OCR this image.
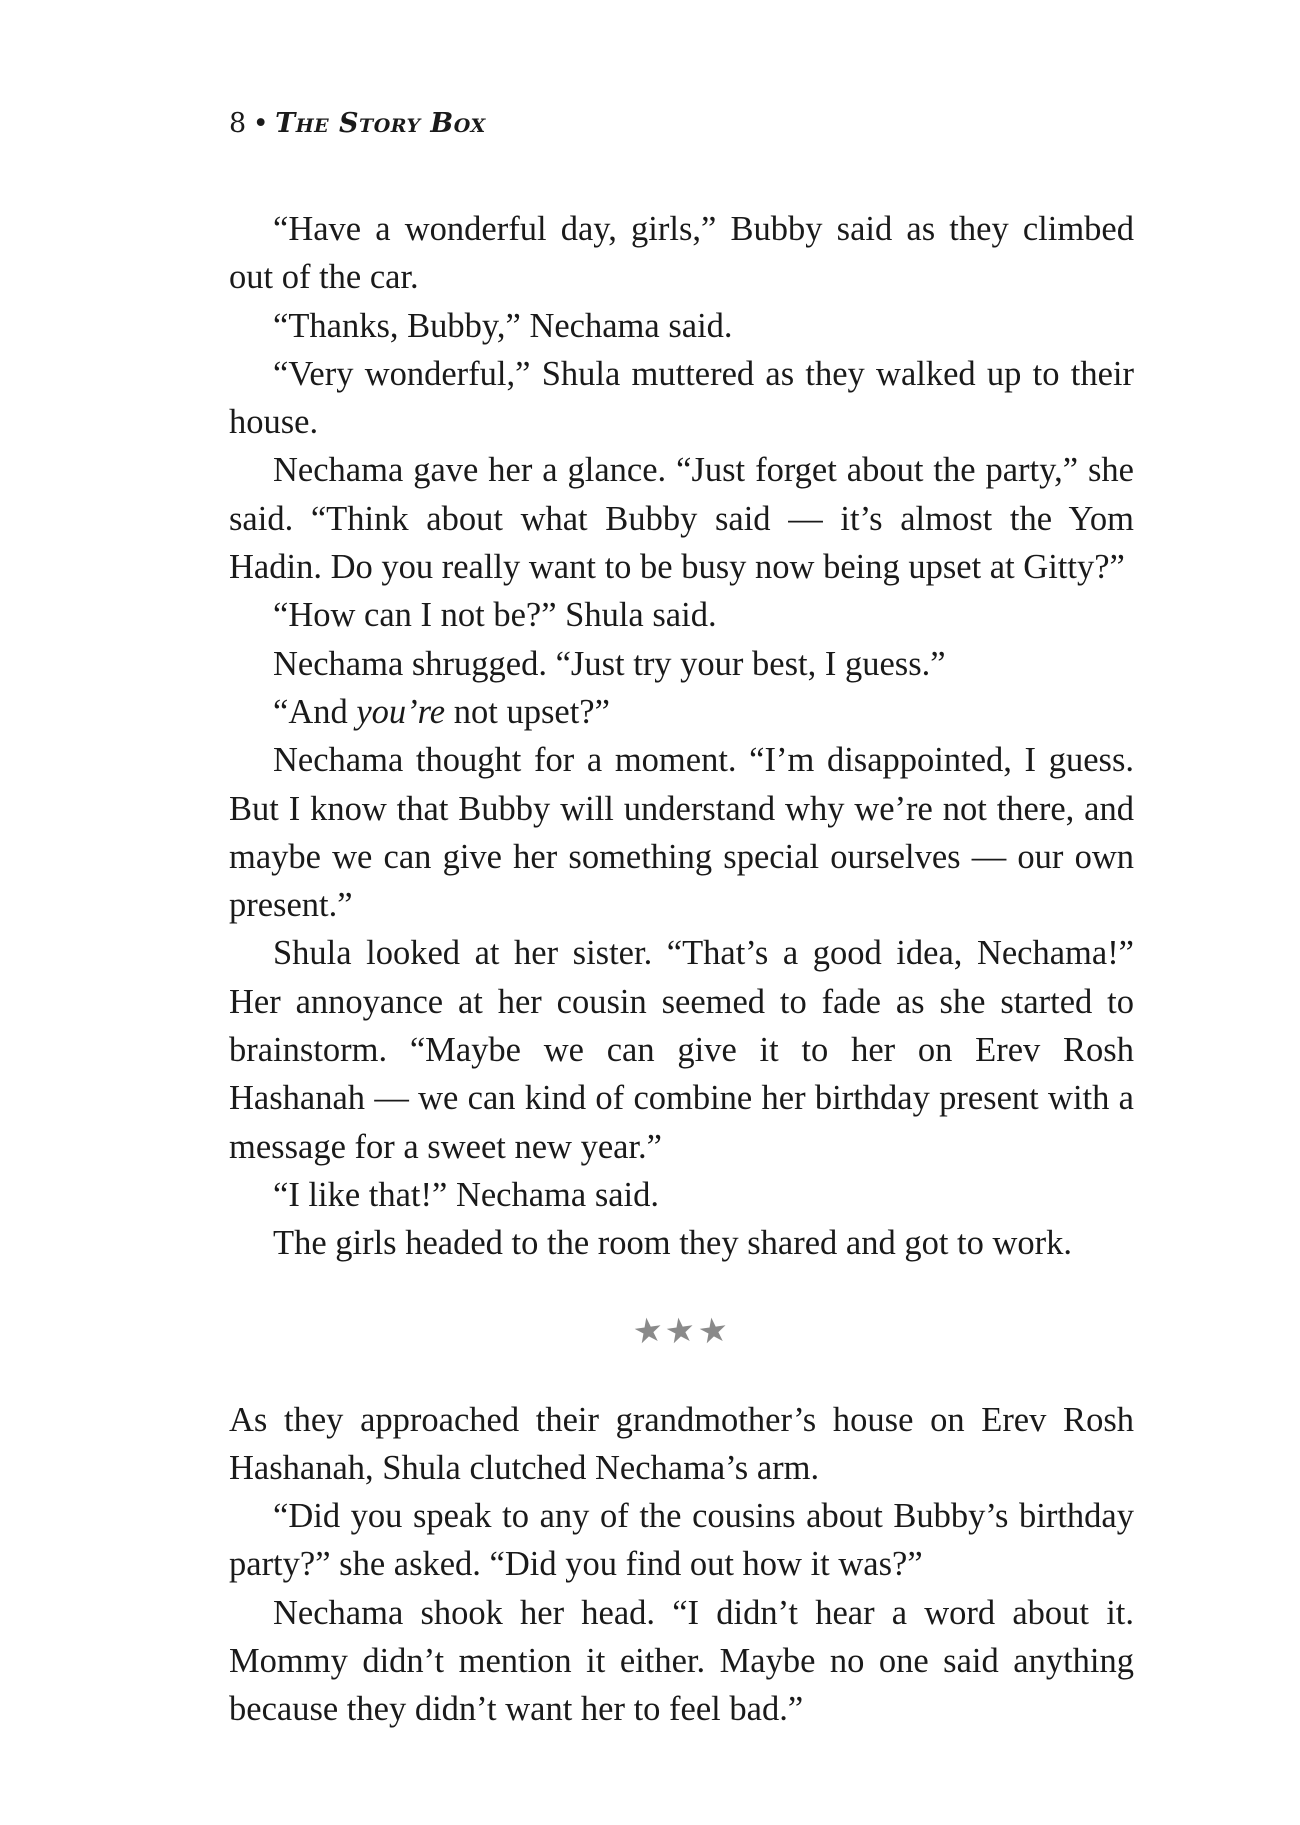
8 • The Story Box

“Have a wonderful day, girls,” Bubby said as they climbed out of the car.

“Thanks, Bubby,” Nechama said.

“Very wonderful,” Shula muttered as they walked up to their house.

Nechama gave her a glance. “Just forget about the party,” she said. “Think about what Bubby said — it’s almost the Yom Hadin. Do you really want to be busy now being upset at Gitty?”

“How can I not be?” Shula said.

Nechama shrugged. “Just try your best, I guess.”

“And you’re not upset?”

Nechama thought for a moment. “I’m disappointed, I guess. But I know that Bubby will understand why we’re not there, and maybe we can give her something special ourselves — our own present.”

Shula looked at her sister. “That’s a good idea, Nechama!” Her annoyance at her cousin seemed to fade as she started to brainstorm. “Maybe we can give it to her on Erev Rosh Hashanah — we can kind of combine her birthday present with a message for a sweet new year.”

“I like that!” Nechama said.

The girls headed to the room they shared and got to work.

★
★
★

As they approached their grandmother’s house on Erev Rosh Hashanah, Shula clutched Nechama’s arm.

“Did you speak to any of the cousins about Bubby’s birthday party?” she asked. “Did you find out how it was?”

Nechama shook her head. “I didn’t hear a word about it. Mommy didn’t mention it either. Maybe no one said anything because they didn’t want her to feel bad.”
